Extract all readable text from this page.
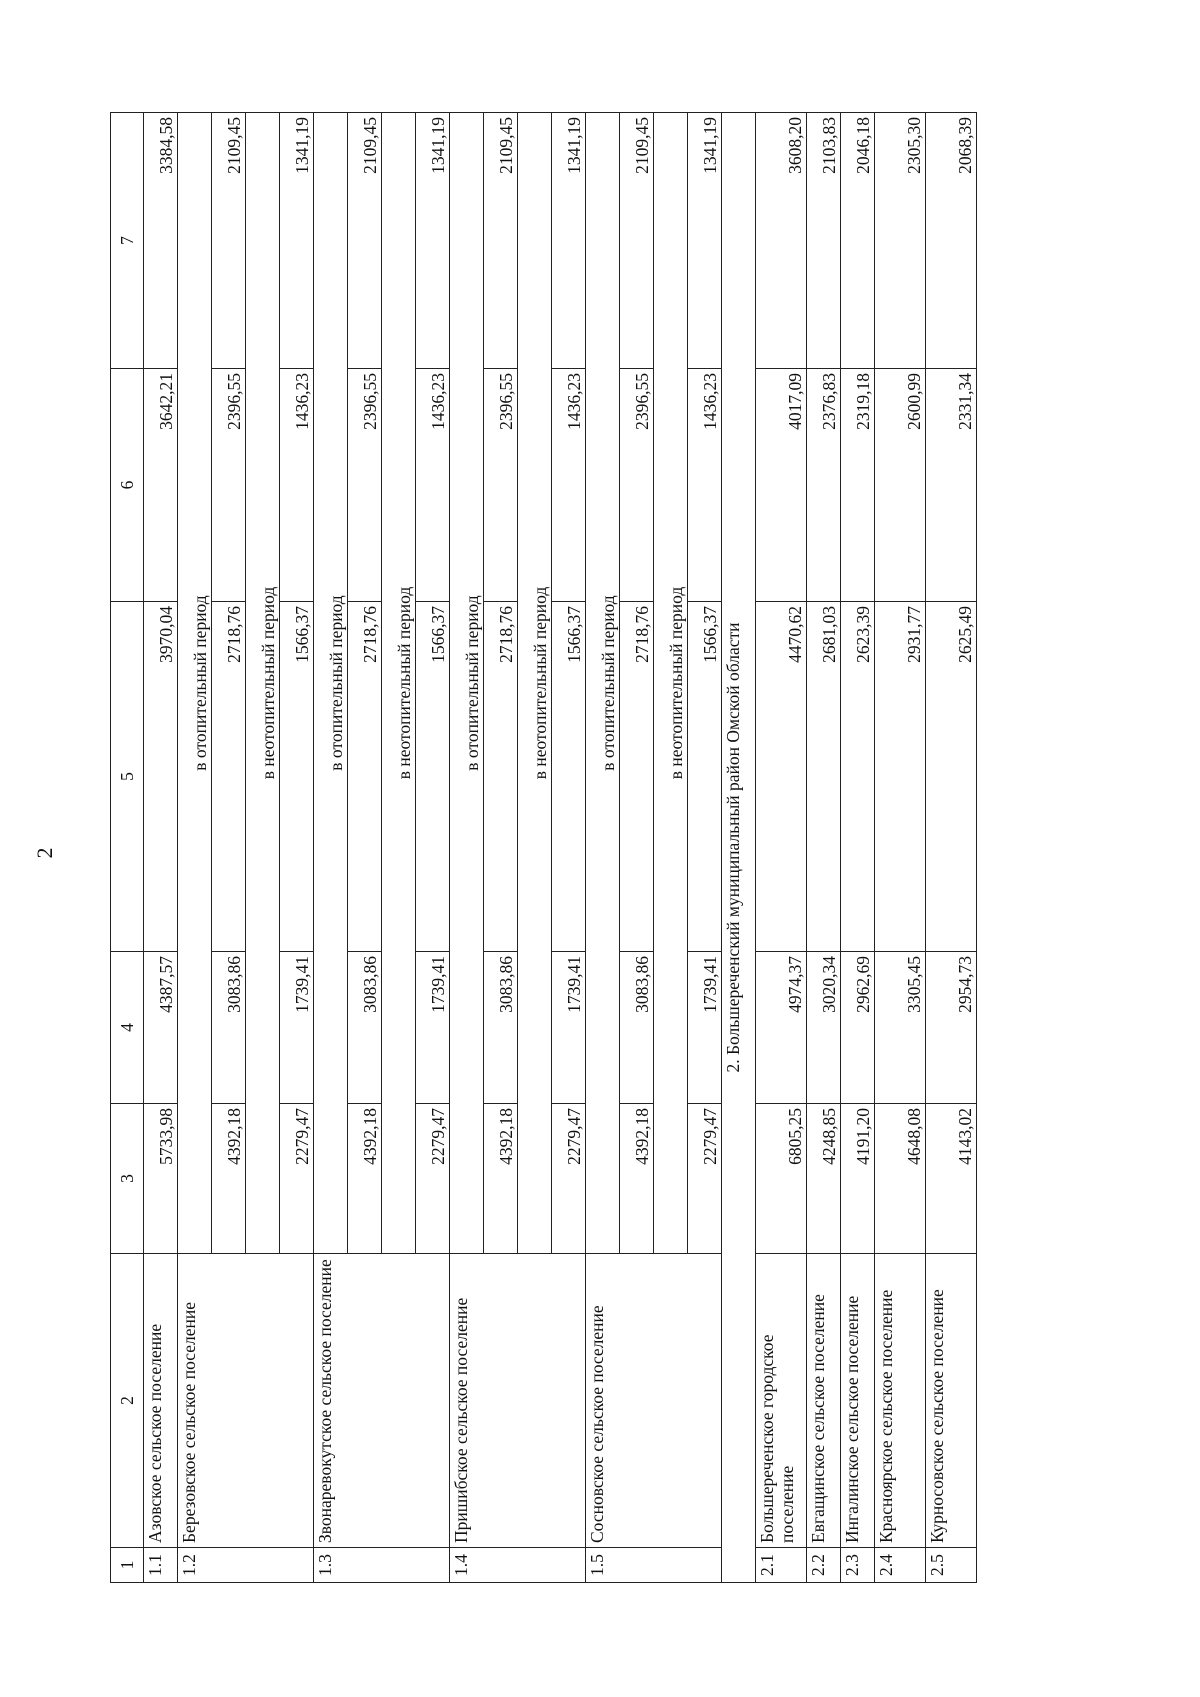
2
1	2	3	4	5	6	7
1.1	Азовское сельское поселение	5733,98	4387,57	3970,04	3642,21	3384,58
1.2	Березовское сельское поселение	в отопительный период				
		4392,18	3083,86	2718,76	2396,55	2109,45
		в неотопительный период				
		2279,47	1739,41	1566,37	1436,23	1341,19
1.3	Звонаревокутское сельское поселение	в отопительный период				
		4392,18	3083,86	2718,76	2396,55	2109,45
		в неотопительный период				
		2279,47	1739,41	1566,37	1436,23	1341,19
1.4	Пришибское сельское поселение	в отопительный период				
		4392,18	3083,86	2718,76	2396,55	2109,45
		в неотопительный период				
		2279,47	1739,41	1566,37	1436,23	1341,19
1.5	Сосновское сельское поселение	в отопительный период				
		4392,18	3083,86	2718,76	2396,55	2109,45
		в неотопительный период				
		2279,47	1739,41	1566,37	1436,23	1341,19
2. Большереченский муниципальный район Омской области						
2.1	Большереченское городское поселение	6805,25	4974,37	4470,62	4017,09	3608,20
2.2	Евгащинское сельское поселение	4248,85	3020,34	2681,03	2376,83	2103,83
2.3	Ингалинское сельское поселение	4191,20	2962,69	2623,39	2319,18	2046,18
2.4	Красноярское сельское поселение	4648,08	3305,45	2931,77	2600,99	2305,30
2.5	Курносовское сельское поселение	4143,02	2954,73	2625,49	2331,34	2068,39
